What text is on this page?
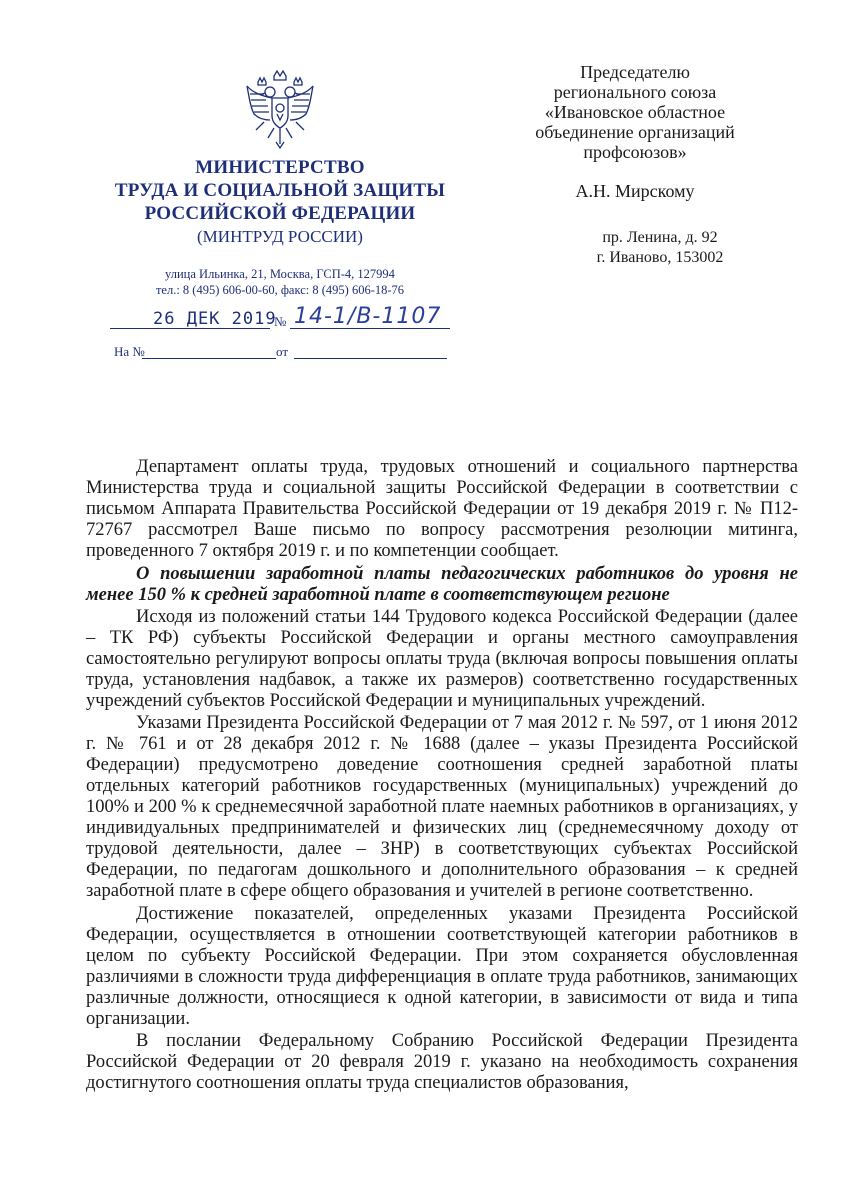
МИНИСТЕРСТВО
ТРУДА И СОЦИАЛЬНОЙ ЗАЩИТЫ
РОССИЙСКОЙ ФЕДЕРАЦИИ
(МИНТРУД РОССИИ)
улица Ильинка, 21, Москва, ГСП-4, 127994
тел.: 8 (495) 606-00-60, факс: 8 (495) 606-18-76
26 ДЕК 2019
№ 14-1/В-1107
На №	от
Председателю
регионального союза
«Ивановское областное
объединение организаций
профсоюзов»
А.Н. Мирскому
пр. Ленина, д. 92
г. Иваново, 153002

Департамент оплаты труда, трудовых отношений и социального партнерства Министерства труда и социальной защиты Российской Федерации в соответствии с письмом Аппарата Правительства Российской Федерации от 19 декабря 2019 г. № П12-72767 рассмотрел Ваше письмо по вопросу рассмотрения резолюции митинга, проведенного 7 октября 2019 г. и по компетенции сообщает.

О повышении заработной платы педагогических работников до уровня не менее 150 % к средней заработной плате в соответствующем регионе

Исходя из положений статьи 144 Трудового кодекса Российской Федерации (далее – ТК РФ) субъекты Российской Федерации и органы местного самоуправления самостоятельно регулируют вопросы оплаты труда (включая вопросы повышения оплаты труда, установления надбавок, а также их размеров) соответственно государственных учреждений субъектов Российской Федерации и муниципальных учреждений.

Указами Президента Российской Федерации от 7 мая 2012 г. № 597, от 1 июня 2012 г. № 761 и от 28 декабря 2012 г. № 1688 (далее – указы Президента Российской Федерации) предусмотрено доведение соотношения средней заработной платы отдельных категорий работников государственных (муниципальных) учреждений до 100% и 200 % к среднемесячной заработной плате наемных работников в организациях, у индивидуальных предпринимателей и физических лиц (среднемесячному доходу от трудовой деятельности, далее – ЗНР) в соответствующих субъектах Российской Федерации, по педагогам дошкольного и дополнительного образования – к средней заработной плате в сфере общего образования и учителей в регионе соответственно.

Достижение показателей, определенных указами Президента Российской Федерации, осуществляется в отношении соответствующей категории работников в целом по субъекту Российской Федерации. При этом сохраняется обусловленная различиями в сложности труда дифференциация в оплате труда работников, занимающих различные должности, относящиеся к одной категории, в зависимости от вида и типа организации.

В послании Федеральному Собранию Российской Федерации Президента Российской Федерации от 20 февраля 2019 г. указано на необходимость сохранения достигнутого соотношения оплаты труда специалистов образования,
